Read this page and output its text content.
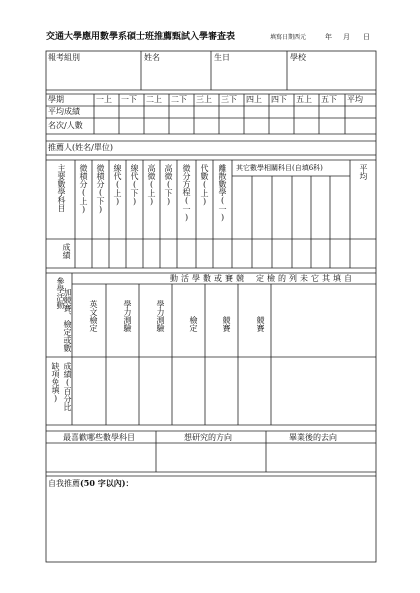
交通大學應用數學系碩士班推薦甄試入學審查表	填寫日期西元	年 月 日
報考組別	姓名	生日	學校
學期	一上 一下 二上 二下 三上 三下 四上 四下 五上 五下 平均
平均成績
名次/人數
推薦人(姓名/單位)
主要數學科目 微積分(上) 微積分(下) 線代(上) 線代(下) 高微(上) 高微(下) 微分方程(一) 代數(上) 離散數學(一) 其它數學相關科目(自填6科)	平均
成績
參學活動	動活學數或賽競 定檢的列未它其填自
加競賽、檢定或數 英文檢定	學力測驗	學力測驗	檢定	競賽	競賽
成績(百分比
缺項免填)
最喜歡哪些數學科目	想研究的方向	畢業後的去向
自我推薦(50 字以內)：
